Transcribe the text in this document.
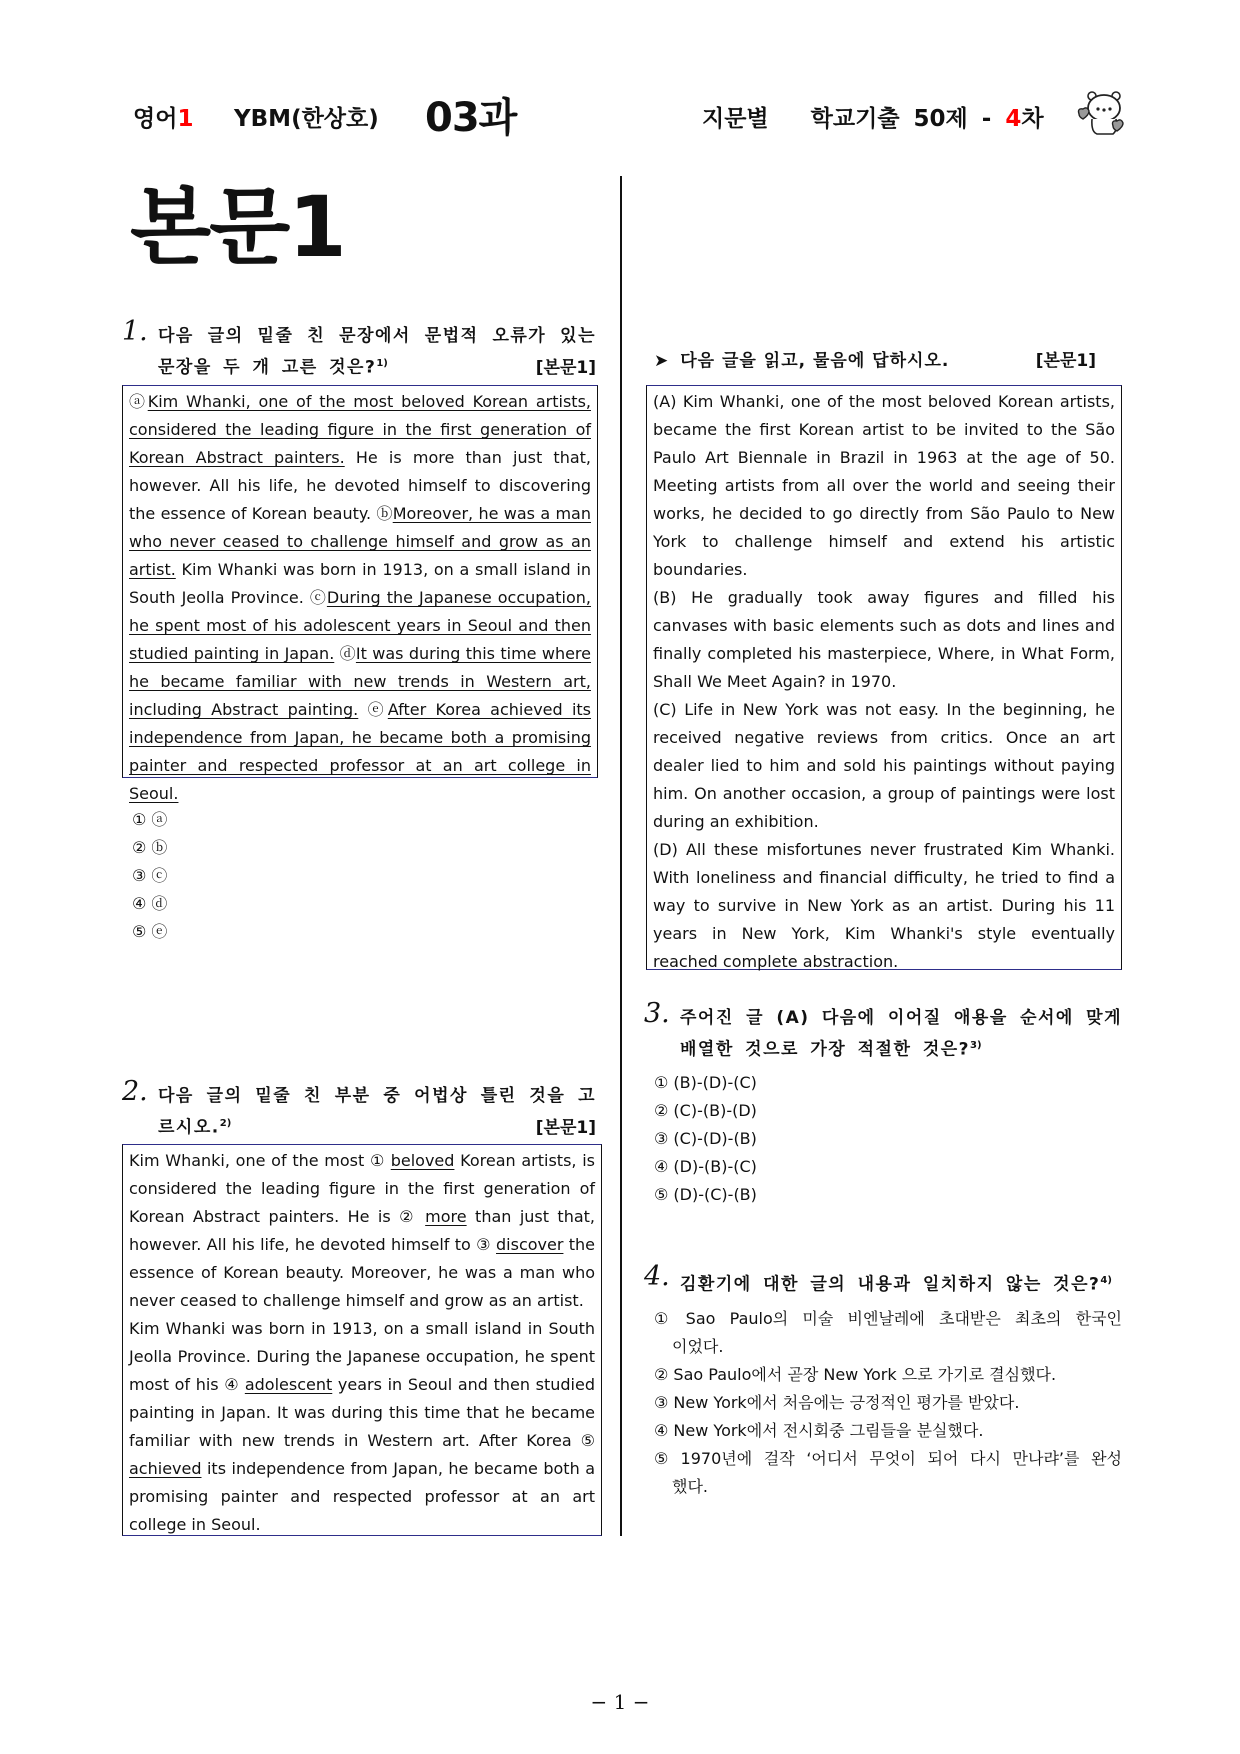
영어1 YBM(한상호) 03과	지문별   학교기출 50제 - 4차
본문1
1. 다음 글의 밑줄 친 문장에서 문법적 오류가 있는 문장을 두 개 고른 것은?$^{1)}$	[본문1]

ⓐKim Whanki, one of the most beloved Korean artists, considered the leading figure in the first generation of Korean Abstract painters. He is more than just that, however. All his life, he devoted himself to discovering the essence of Korean beauty. ⓑMoreover, he was a man who never ceased to challenge himself and grow as an artist. Kim Whanki was born in 1913, on a small island in South Jeolla Province. ⓒDuring the Japanese occupation, he spent most of his adolescent years in Seoul and then studied painting in Japan. ⓓIt was during this time where he became familiar with new trends in Western art, including Abstract painting. ⓔAfter Korea achieved its independence from Japan, he became both a promising painter and respected professor at an art college in Seoul.

① ⓐ
② ⓑ
③ ⓒ
④ ⓓ
⑤ ⓔ
2. 다음 글의 밑줄 친 부분 중 어법상 틀린 것을 고르시오.$^{2)}$	[본문1]

Kim Whanki, one of the most ① beloved Korean artists, is considered the leading figure in the first generation of Korean Abstract painters. He is ② more than just that, however. All his life, he devoted himself to ③ discover the essence of Korean beauty. Moreover, he was a man who never ceased to challenge himself and grow as an artist.
Kim Whanki was born in 1913, on a small island in South Jeolla Province. During the Japanese occupation, he spent most of his ④ adolescent years in Seoul and then studied painting in Japan. It was during this time that he became familiar with new trends in Western art. After Korea ⑤ achieved its independence from Japan, he became both a promising painter and respected professor at an art college in Seoul.

➤ 다음 글을 읽고, 물음에 답하시오.	[본문1]

(A) Kim Whanki, one of the most beloved Korean artists, became the first Korean artist to be invited to the São Paulo Art Biennale in Brazil in 1963 at the age of 50. Meeting artists from all over the world and seeing their works, he decided to go directly from São Paulo to New York to challenge himself and extend his artistic boundaries.

(B) He gradually took away figures and filled his canvases with basic elements such as dots and lines and finally completed his masterpiece, Where, in What Form, Shall We Meet Again? in 1970.

(C) Life in New York was not easy. In the beginning, he received negative reviews from critics. Once an art dealer lied to him and sold his paintings without paying him. On another occasion, a group of paintings were lost during an exhibition.

(D) All these misfortunes never frustrated Kim Whanki. With loneliness and financial difficulty, he tried to find a way to survive in New York as an artist. During his 11 years in New York, Kim Whanki's style eventually reached complete abstraction.

3. 주어진 글 (A) 다음에 이어질 애용을 순서에 맞게 배열한 것으로 가장 적절한 것은?$^{3)}$
① (B)-(D)-(C)
② (C)-(B)-(D)
③ (C)-(D)-(B)
④ (D)-(B)-(C)
⑤ (D)-(C)-(B)
4. 김환기에 대한 글의 내용과 일치하지 않는 것은?$^{4)}$
① Sao Paulo의 미술 비엔날레에 초대받은 최초의 한국인 이었다.
② Sao Paulo에서 곧장 New York 으로 가기로 결심했다.
③ New York에서 처음에는 긍정적인 평가를 받았다.
④ New York에서 전시회중 그림들을 분실했다.
⑤ 1970년에 걸작 ‘어디서 무엇이 되어 다시 만나랴’를 완성했다.
− 1 −
